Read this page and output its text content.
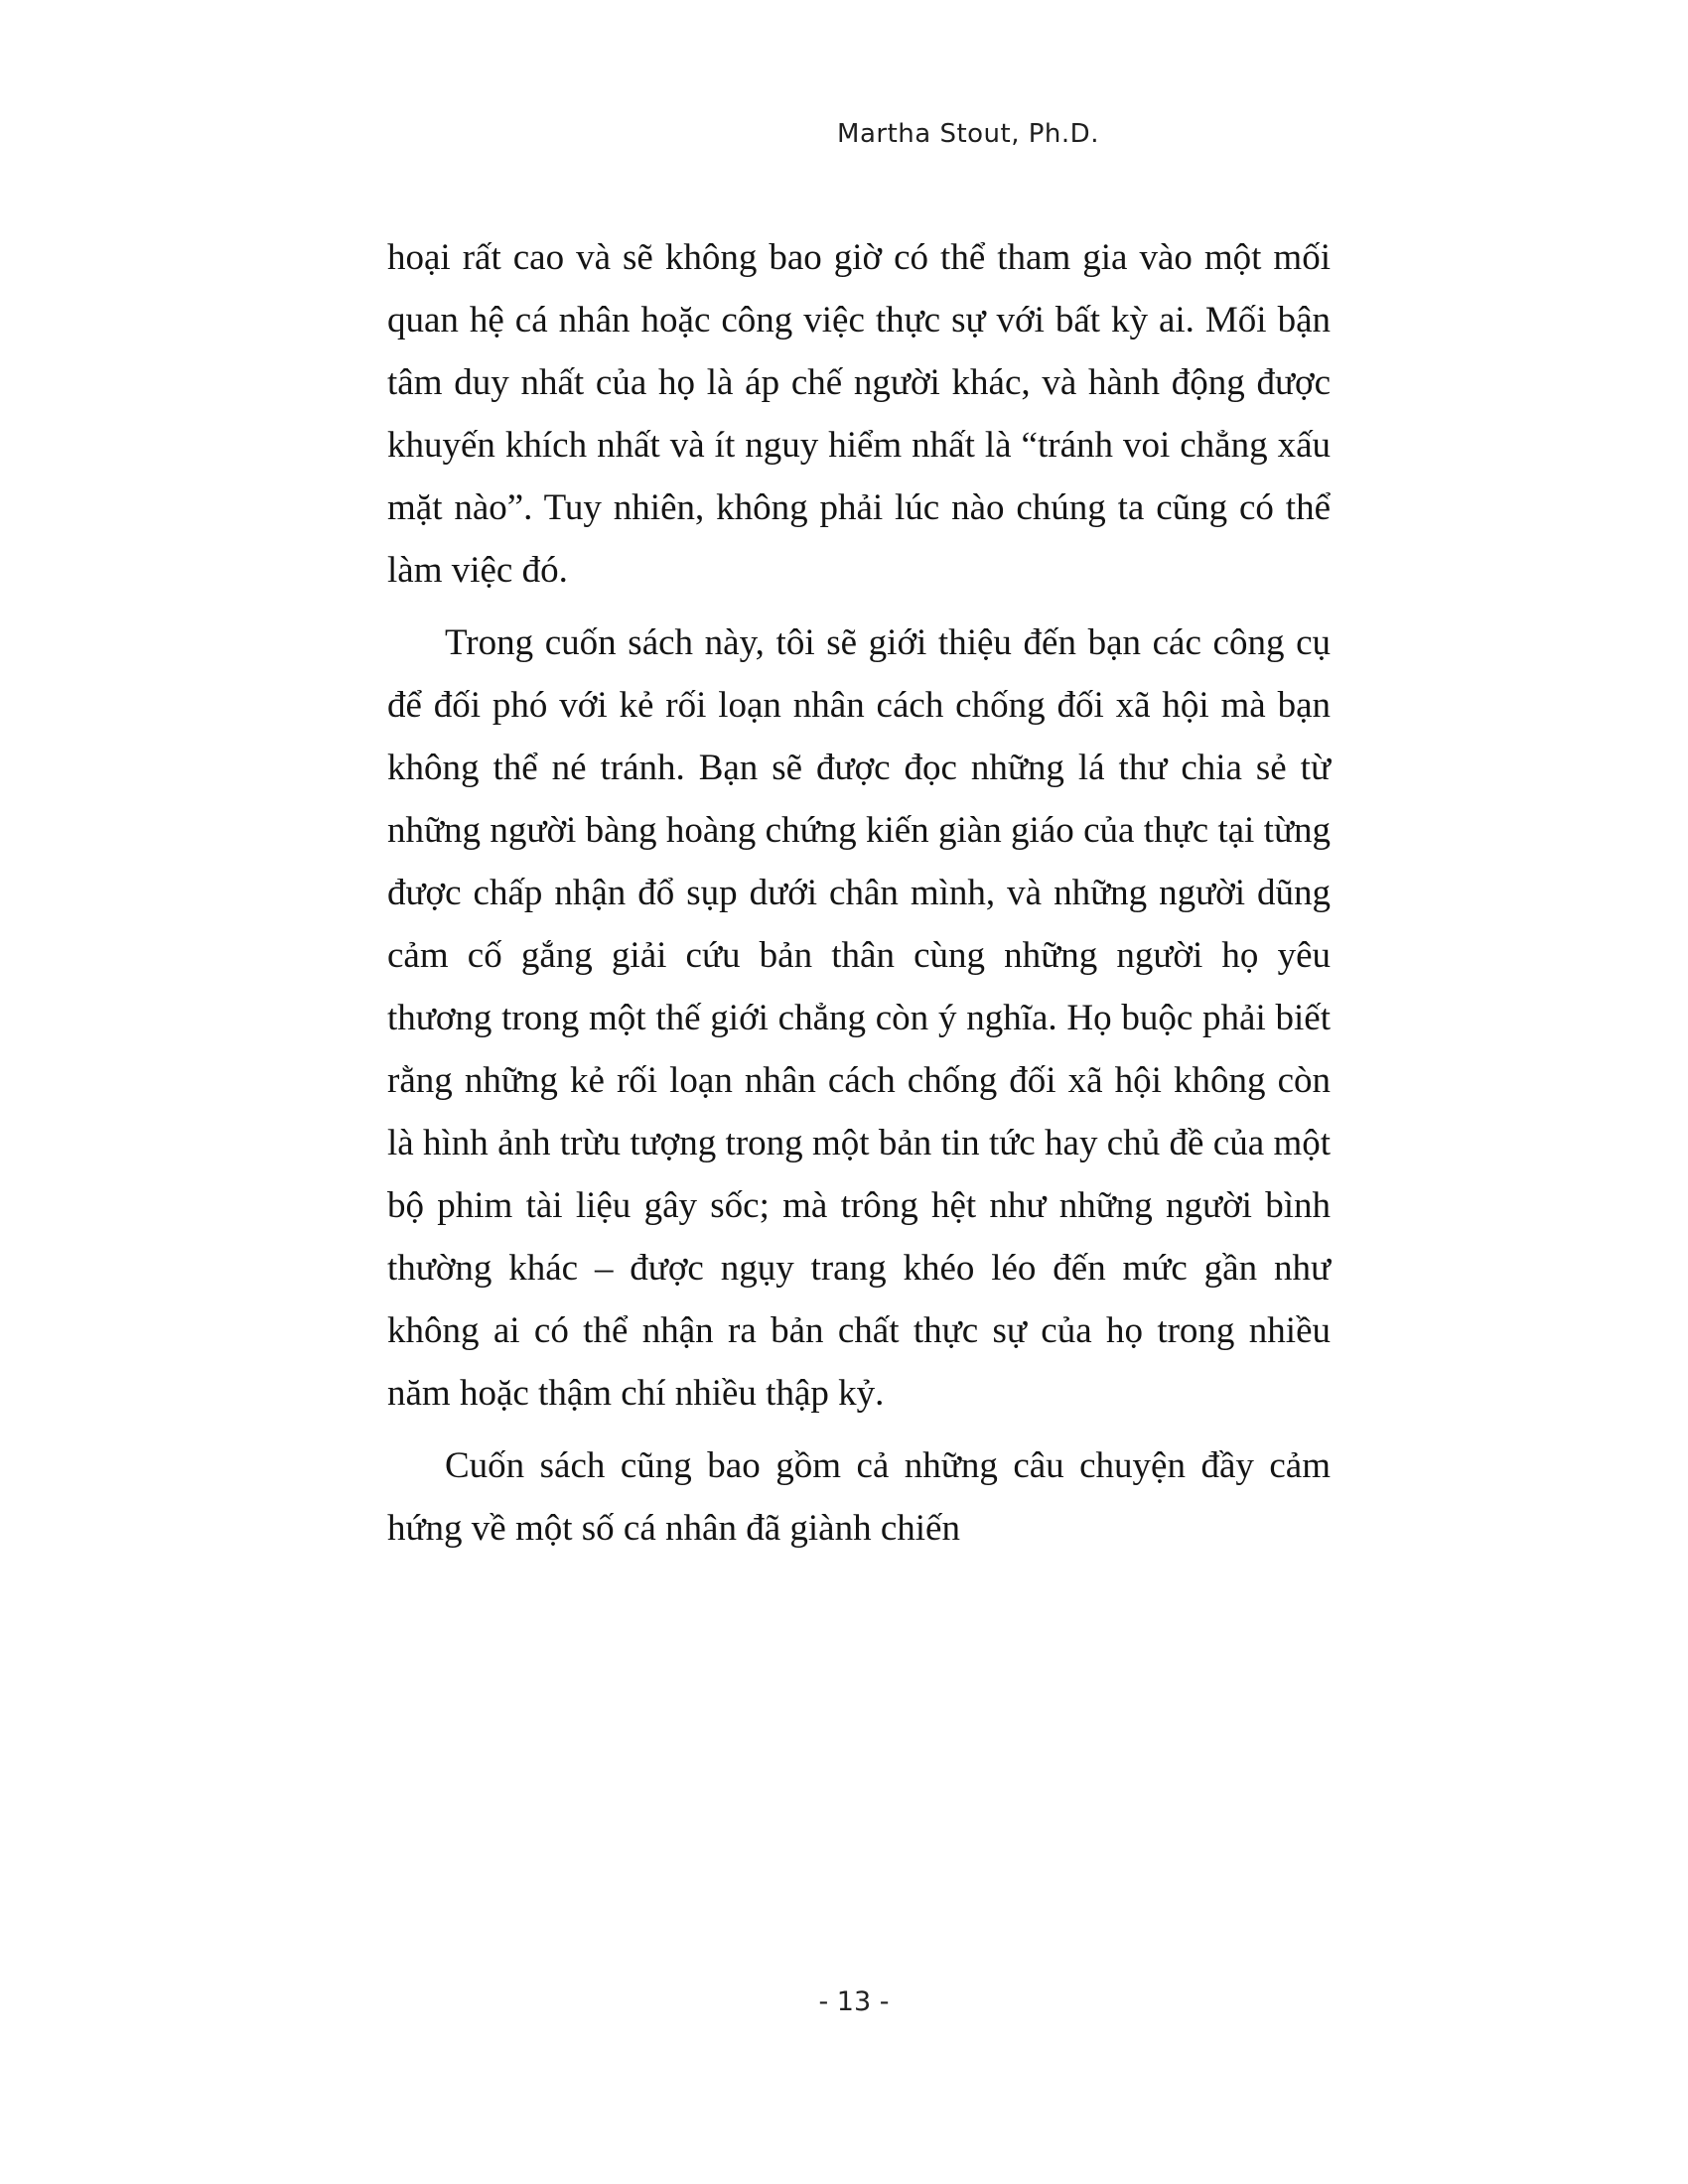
Martha Stout, Ph.D.

hoại rất cao và sẽ không bao giờ có thể tham gia vào một mối quan hệ cá nhân hoặc công việc thực sự với bất kỳ ai. Mối bận tâm duy nhất của họ là áp chế người khác, và hành động được khuyến khích nhất và ít nguy hiểm nhất là “tránh voi chẳng xấu mặt nào”. Tuy nhiên, không phải lúc nào chúng ta cũng có thể làm việc đó.

Trong cuốn sách này, tôi sẽ giới thiệu đến bạn các công cụ để đối phó với kẻ rối loạn nhân cách chống đối xã hội mà bạn không thể né tránh. Bạn sẽ được đọc những lá thư chia sẻ từ những người bàng hoàng chứng kiến giàn giáo của thực tại từng được chấp nhận đổ sụp dưới chân mình, và những người dũng cảm cố gắng giải cứu bản thân cùng những người họ yêu thương trong một thế giới chẳng còn ý nghĩa. Họ buộc phải biết rằng những kẻ rối loạn nhân cách chống đối xã hội không còn là hình ảnh trừu tượng trong một bản tin tức hay chủ đề của một bộ phim tài liệu gây sốc; mà trông hệt như những người bình thường khác – được ngụy trang khéo léo đến mức gần như không ai có thể nhận ra bản chất thực sự của họ trong nhiều năm hoặc thậm chí nhiều thập kỷ.

Cuốn sách cũng bao gồm cả những câu chuyện đầy cảm hứng về một số cá nhân đã giành chiến

- 13 -
